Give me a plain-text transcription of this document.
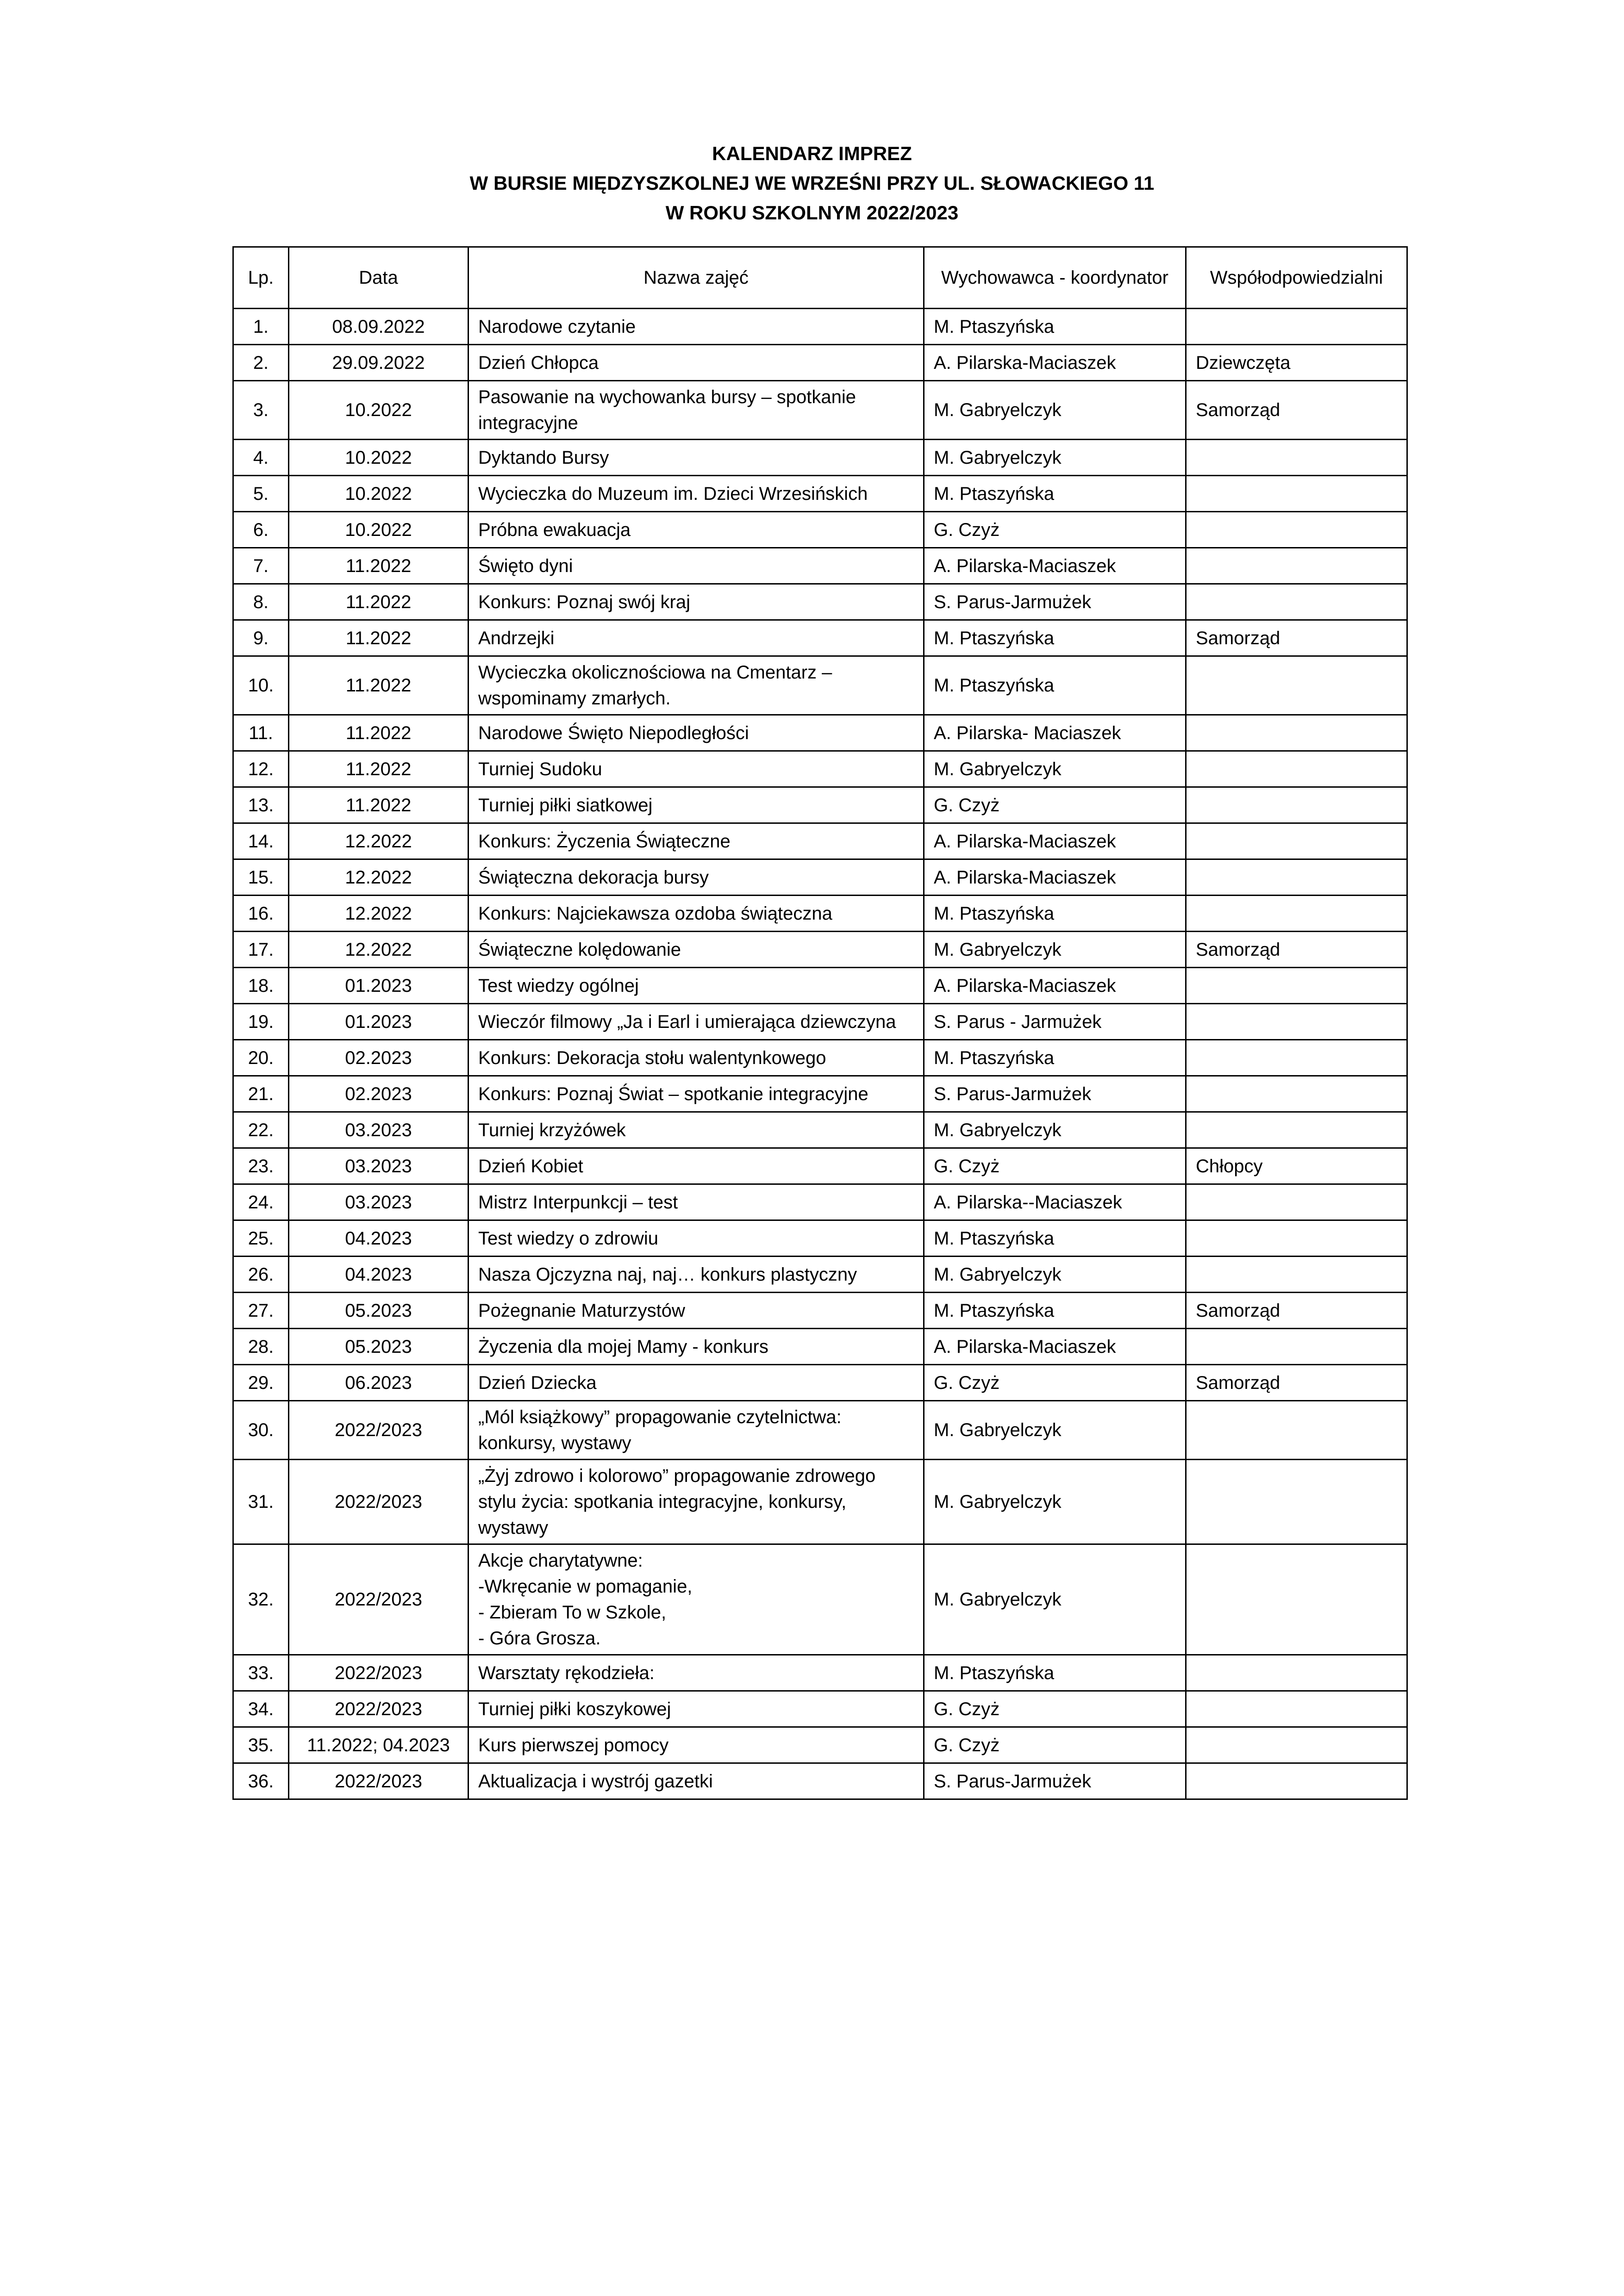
KALENDARZ IMPREZ
W BURSIE MIĘDZYSZKOLNEJ WE WRZEŚNI PRZY UL. SŁOWACKIEGO 11
W ROKU SZKOLNYM 2022/2023
Lp.	Data	Nazwa zajęć	Wychowawca - koordynator	Współodpowiedzialni
1.	08.09.2022	Narodowe czytanie	M. Ptaszyńska	
2.	29.09.2022	Dzień Chłopca	A. Pilarska-Maciaszek	Dziewczęta
3.	10.2022	Pasowanie na wychowanka bursy – spotkanie integracyjne	M. Gabryelczyk	Samorząd
4.	10.2022	Dyktando Bursy	M. Gabryelczyk	
5.	10.2022	Wycieczka do Muzeum im. Dzieci Wrzesińskich	M. Ptaszyńska	
6.	10.2022	Próbna ewakuacja	G. Czyż	
7.	11.2022	Święto dyni	A. Pilarska-Maciaszek	
8.	11.2022	Konkurs: Poznaj swój kraj	S. Parus-Jarmużek	
9.	11.2022	Andrzejki	M. Ptaszyńska	Samorząd
10.	11.2022	Wycieczka okolicznościowa na Cmentarz – wspominamy zmarłych.	M. Ptaszyńska	
11.	11.2022	Narodowe Święto Niepodległości	A. Pilarska- Maciaszek	
12.	11.2022	Turniej Sudoku	M. Gabryelczyk	
13.	11.2022	Turniej piłki siatkowej	G. Czyż	
14.	12.2022	Konkurs: Życzenia Świąteczne	A. Pilarska-Maciaszek	
15.	12.2022	Świąteczna dekoracja bursy	A. Pilarska-Maciaszek	
16.	12.2022	Konkurs: Najciekawsza ozdoba świąteczna	M. Ptaszyńska	
17.	12.2022	Świąteczne kolędowanie	M. Gabryelczyk	Samorząd
18.	01.2023	Test wiedzy ogólnej	A. Pilarska-Maciaszek	
19.	01.2023	Wieczór filmowy „Ja i Earl i umierająca dziewczyna	S. Parus - Jarmużek	
20.	02.2023	Konkurs: Dekoracja stołu walentynkowego	M. Ptaszyńska	
21.	02.2023	Konkurs: Poznaj Świat – spotkanie integracyjne	S. Parus-Jarmużek	
22.	03.2023	Turniej krzyżówek	M. Gabryelczyk	
23.	03.2023	Dzień Kobiet	G. Czyż	Chłopcy
24.	03.2023	Mistrz Interpunkcji – test	A. Pilarska--Maciaszek	
25.	04.2023	Test wiedzy o zdrowiu	M. Ptaszyńska	
26.	04.2023	Nasza Ojczyzna naj, naj… konkurs plastyczny	M. Gabryelczyk	
27.	05.2023	Pożegnanie Maturzystów	M. Ptaszyńska	Samorząd
28.	05.2023	Życzenia dla mojej Mamy - konkurs	A. Pilarska-Maciaszek	
29.	06.2023	Dzień Dziecka	G. Czyż	Samorząd
30.	2022/2023	„Mól książkowy” propagowanie czytelnictwa: konkursy, wystawy	M. Gabryelczyk	
31.	2022/2023	„Żyj zdrowo i kolorowo” propagowanie zdrowego stylu życia: spotkania integracyjne, konkursy, wystawy	M. Gabryelczyk	
32.	2022/2023	Akcje charytatywne:
-Wkręcanie w pomaganie,
- Zbieram To w Szkole,
- Góra Grosza.	M. Gabryelczyk	
33.	2022/2023	Warsztaty rękodzieła:	M. Ptaszyńska	
34.	2022/2023	Turniej piłki koszykowej	G. Czyż	
35.	11.2022; 04.2023	Kurs pierwszej pomocy	G. Czyż	
36.	2022/2023	Aktualizacja i wystrój gazetki	S. Parus-Jarmużek	
